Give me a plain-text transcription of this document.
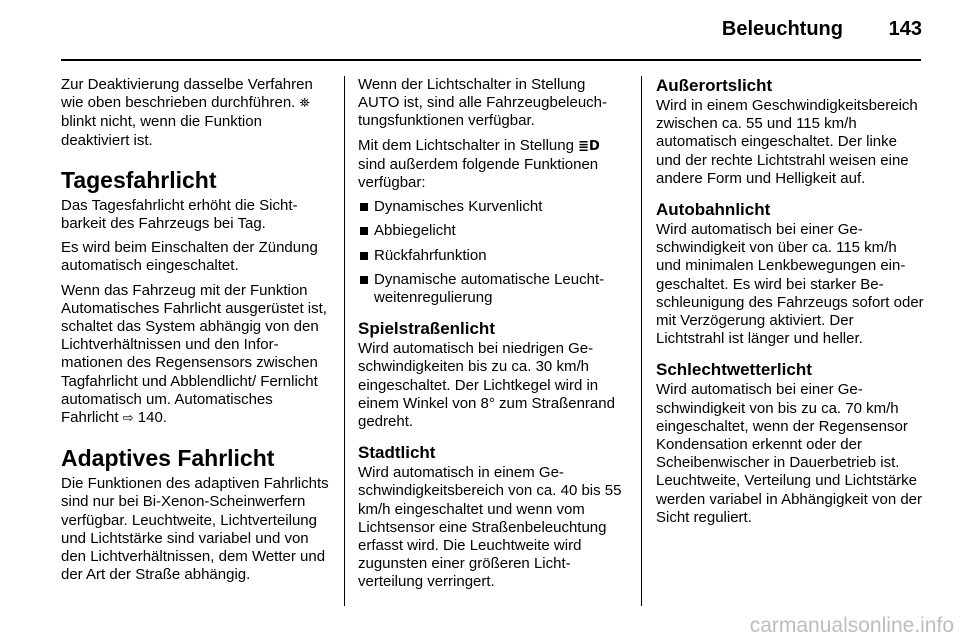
Beleuchtung 143

Zur Deaktivierung dasselbe Verfahren wie oben beschrieben durchführen. ⛯ blinkt nicht, wenn die Funktion deaktiviert ist.

Tagesfahrlicht

Das Tagesfahrlicht erhöht die Sichtbarkeit des Fahrzeugs bei Tag.

Es wird beim Einschalten der Zündung automatisch eingeschaltet.

Wenn das Fahrzeug mit der Funktion Automatisches Fahrlicht ausgerüstet ist, schaltet das System abhängig von den Lichtverhältnissen und den Informationen des Regensensors zwischen Tagfahrlicht und Abblendlicht/ Fernlicht automatisch um. Automatisches Fahrlicht ⇨ 140.

Adaptives Fahrlicht

Die Funktionen des adaptiven Fahrlichts sind nur bei Bi-Xenon-Scheinwerfern verfügbar. Leuchtweite, Lichtverteilung und Lichtstärke sind variabel und von den Lichtverhältnissen, dem Wetter und der Art der Straße abhängig.

Wenn der Lichtschalter in Stellung AUTO ist, sind alle Fahrzeugbeleuchtungsfunktionen verfügbar.

Mit dem Lichtschalter in Stellung ≣D sind außerdem folgende Funktionen verfügbar:

Dynamisches Kurvenlicht
Abbiegelicht
Rückfahrfunktion
Dynamische automatische Leuchtweitenregulierung
Spielstraßenlicht

Wird automatisch bei niedrigen Geschwindigkeiten bis zu ca. 30 km/h eingeschaltet. Der Lichtkegel wird in einem Winkel von 8° zum Straßenrand gedreht.

Stadtlicht

Wird automatisch in einem Geschwindigkeitsbereich von ca. 40 bis 55 km/h eingeschaltet und wenn vom Lichtsensor eine Straßenbeleuchtung erfasst wird. Die Leuchtweite wird zugunsten einer größeren Lichtverteilung verringert.

Außerortslicht

Wird in einem Geschwindigkeitsbereich zwischen ca. 55 und 115 km/h automatisch eingeschaltet. Der linke und der rechte Lichtstrahl weisen eine andere Form und Helligkeit auf.

Autobahnlicht

Wird automatisch bei einer Geschwindigkeit von über ca. 115 km/h und minimalen Lenkbewegungen eingeschaltet. Es wird bei starker Beschleunigung des Fahrzeugs sofort oder mit Verzögerung aktiviert. Der Lichtstrahl ist länger und heller.

Schlechtwetterlicht

Wird automatisch bei einer Geschwindigkeit von bis zu ca. 70 km/h eingeschaltet, wenn der Regensensor Kondensation erkennt oder der Scheibenwischer in Dauerbetrieb ist. Leuchtweite, Verteilung und Lichtstärke werden variabel in Abhängigkeit von der Sicht reguliert.

carmanualsonline.info
